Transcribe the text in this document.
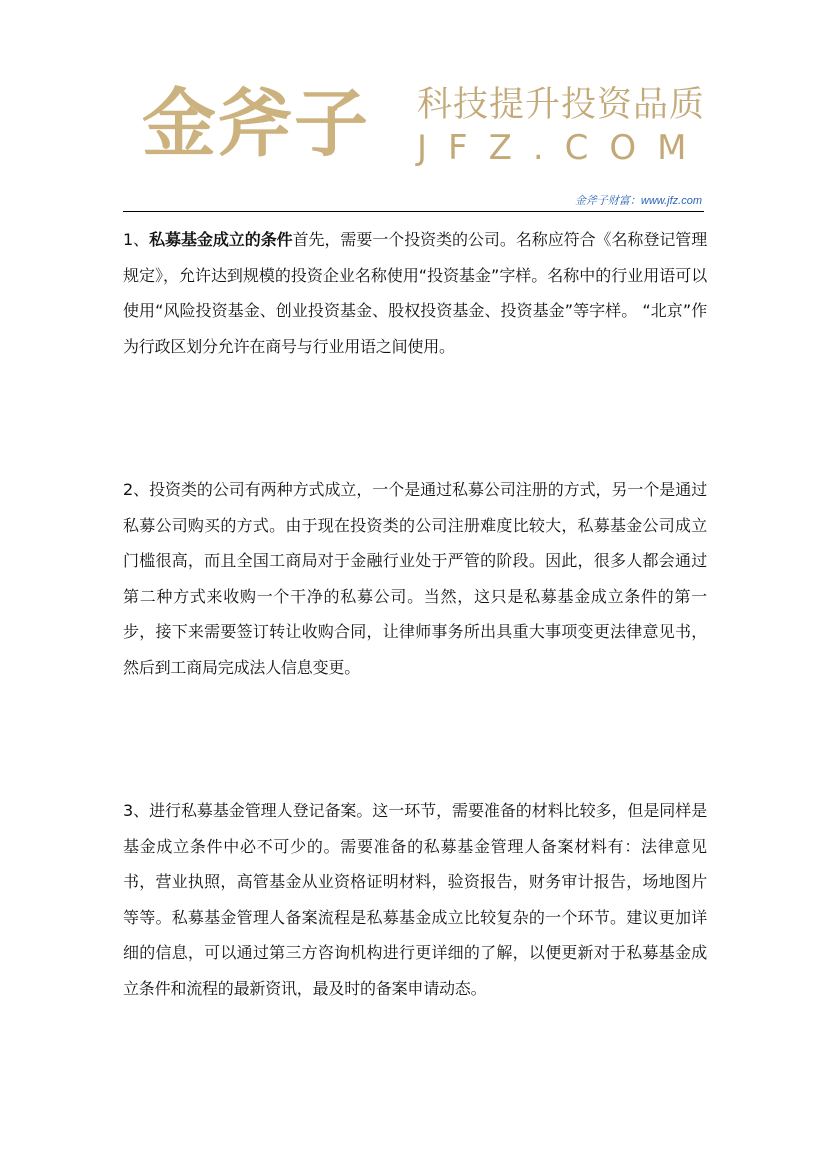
金斧子	科技提升投资品质
JFZ.COM
金斧子财富：www.jfz.com

1、私募基金成立的条件首先，需要一个投资类的公司。名称应符合《名称登记管理规定》，允许达到规模的投资企业名称使用“投资基金”字样。名称中的行业用语可以使用“风险投资基金、创业投资基金、股权投资基金、投资基金”等字样。 “北京”作为行政区划分允许在商号与行业用语之间使用。

2、投资类的公司有两种方式成立，一个是通过私募公司注册的方式，另一个是通过私募公司购买的方式。由于现在投资类的公司注册难度比较大，私募基金公司成立门槛很高，而且全国工商局对于金融行业处于严管的阶段。因此，很多人都会通过第二种方式来收购一个干净的私募公司。当然，这只是私募基金成立条件的第一步，接下来需要签订转让收购合同，让律师事务所出具重大事项变更法律意见书，然后到工商局完成法人信息变更。

3、进行私募基金管理人登记备案。这一环节，需要准备的材料比较多，但是同样是基金成立条件中必不可少的。需要准备的私募基金管理人备案材料有：法律意见书，营业执照，高管基金从业资格证明材料，验资报告，财务审计报告，场地图片等等。私募基金管理人备案流程是私募基金成立比较复杂的一个环节。建议更加详细的信息，可以通过第三方咨询机构进行更详细的了解，以便更新对于私募基金成立条件和流程的最新资讯，最及时的备案申请动态。
